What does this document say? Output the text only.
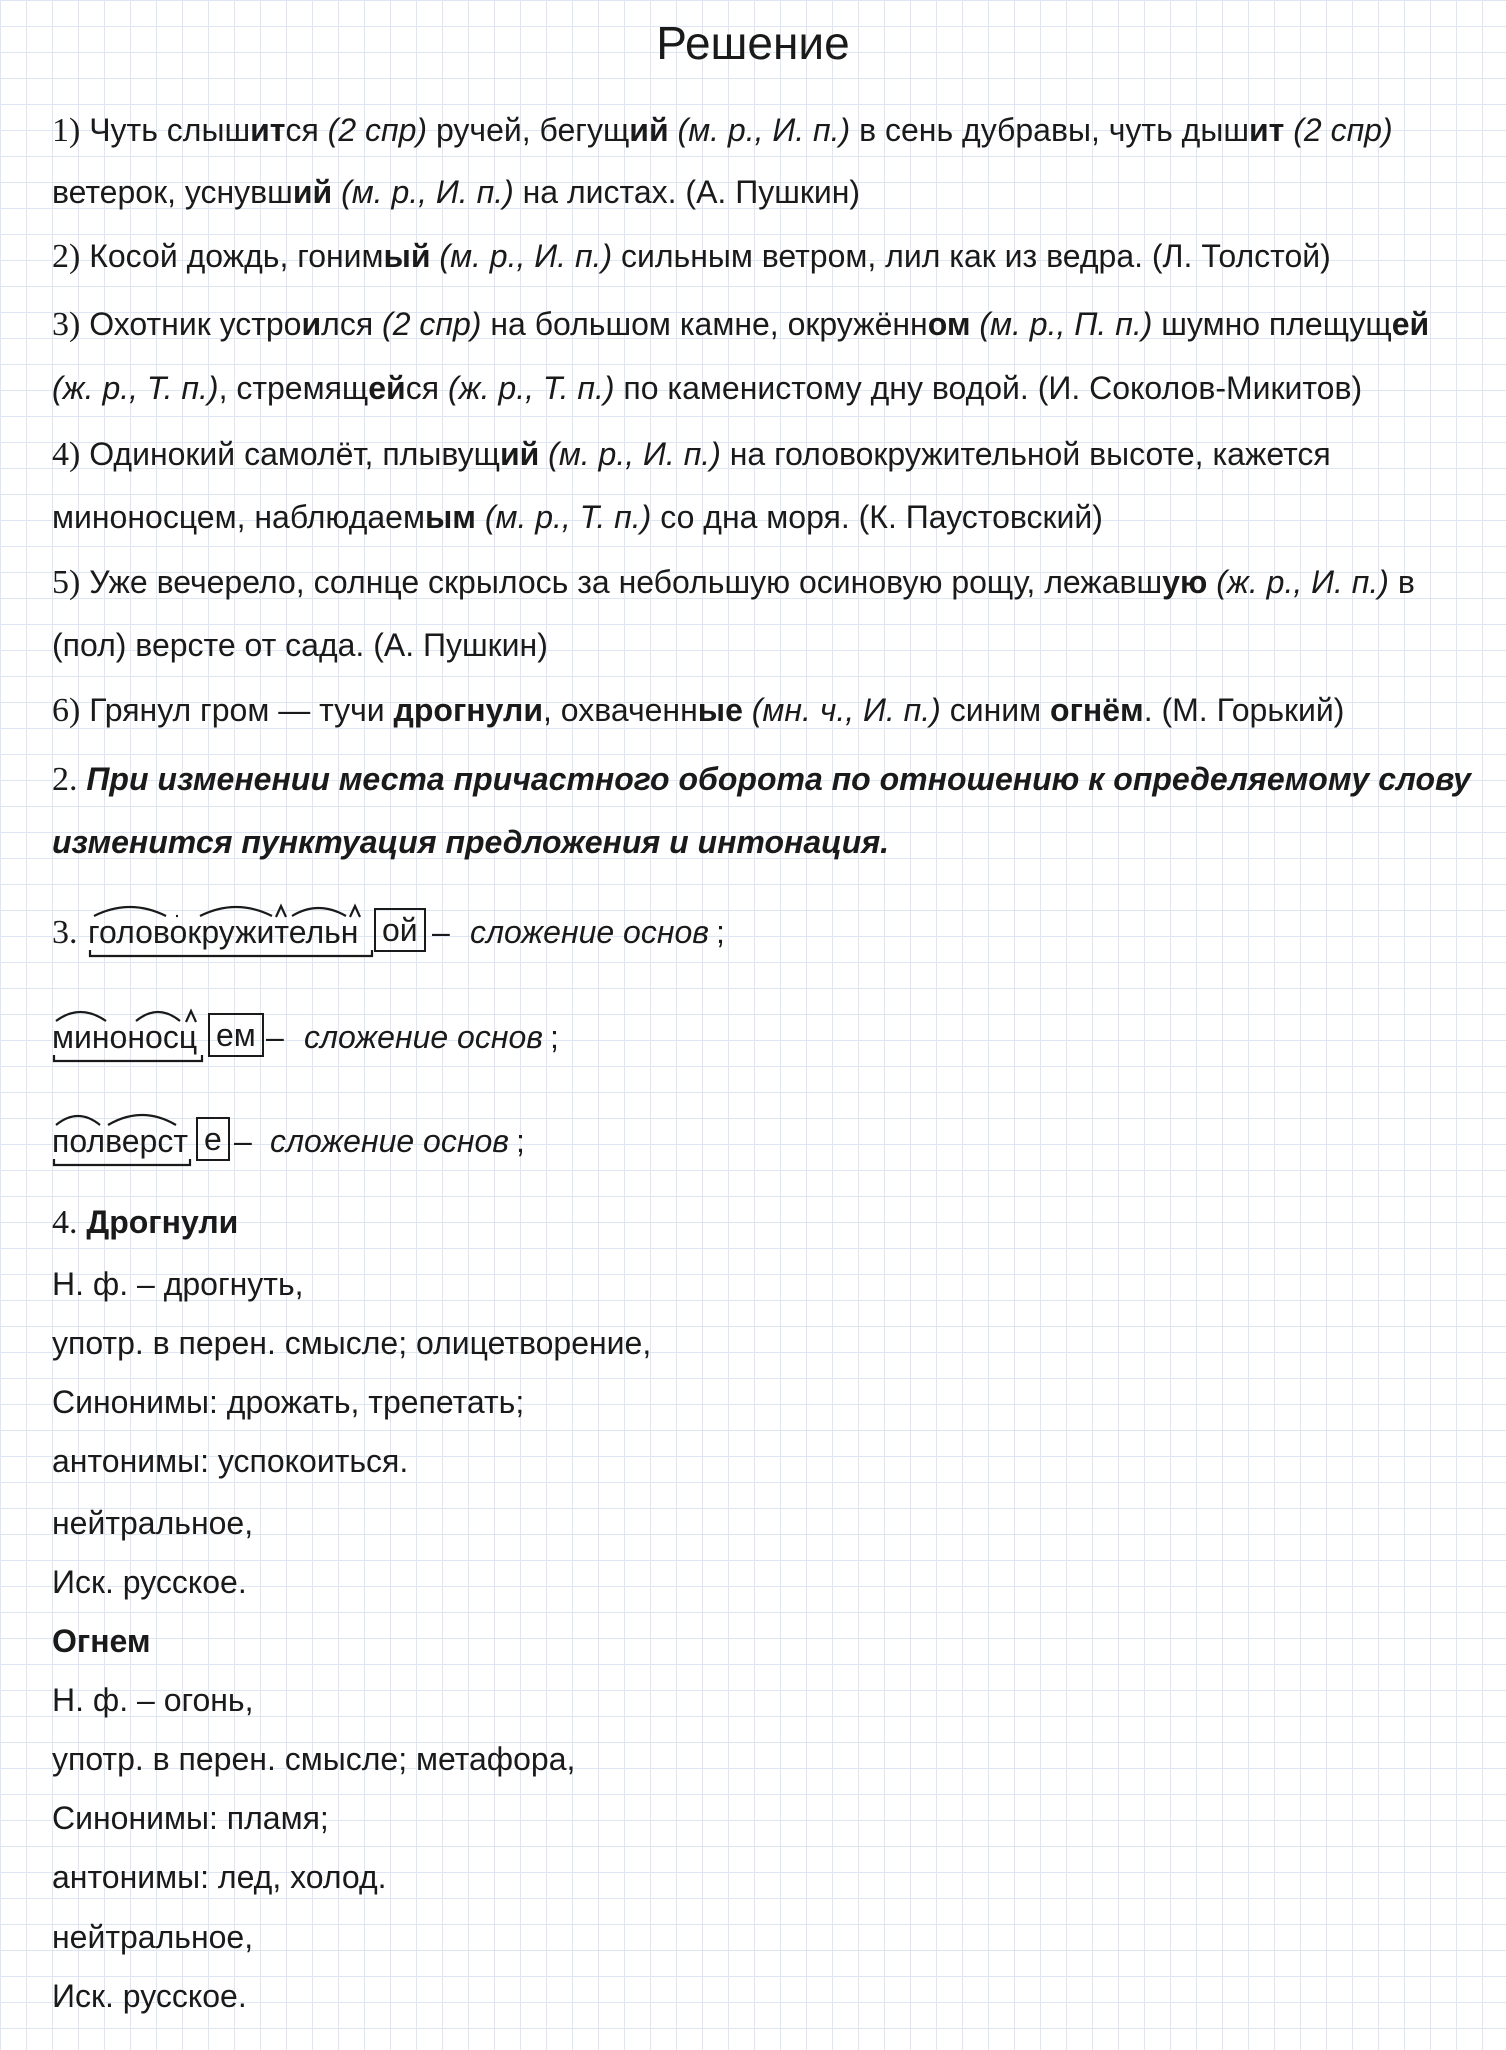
Решение
1) Чуть слышится (2 спр) ручей, бегущий (м. р., И. п.) в сень дубравы, чуть дышит (2 спр)
ветерок, уснувший (м. р., И. п.) на листах. (А. Пушкин)
2) Косой дождь, гонимый (м. р., И. п.) сильным ветром, лил как из ведра. (Л. Толстой)
3) Охотник устроился (2 спр) на большом камне, окружённом (м. р., П. п.) шумно плещущей
(ж. р., Т. п.), стремящейся (ж. р., Т. п.) по каменистому дну водой. (И. Соколов-Микитов)
4) Одинокий самолёт, плывущий (м. р., И. п.) на головокружительной высоте, кажется
миноносцем, наблюдаемым (м. р., Т. п.) со дна моря. (К. Паустовский)
5) Уже вечерело, солнце скрылось за небольшую осиновую рощу, лежавшую (ж. р., И. п.) в
(пол) версте от сада. (А. Пушкин)
6) Грянул гром — тучи дрогнули, охваченные (мн. ч., И. п.) синим огнём. (М. Горький)
2. При изменении места причастного оборота по отношению к определяемому слову
изменится пунктуация предложения и интонация.
3. головокружительн ой – сложение основ ;
миноносц ем – сложение основ ;
полверст е – сложение основ ;
4. Дрогнули
Н. ф. – дрогнуть,
употр. в перен. смысле; олицетворение,
Синонимы: дрожать, трепетать;
антонимы: успокоиться.
нейтральное,
Иск. русское.
Огнем
Н. ф. – огонь,
употр. в перен. смысле; метафора,
Синонимы: пламя;
антонимы: лед, холод.
нейтральное,
Иск. русское.
